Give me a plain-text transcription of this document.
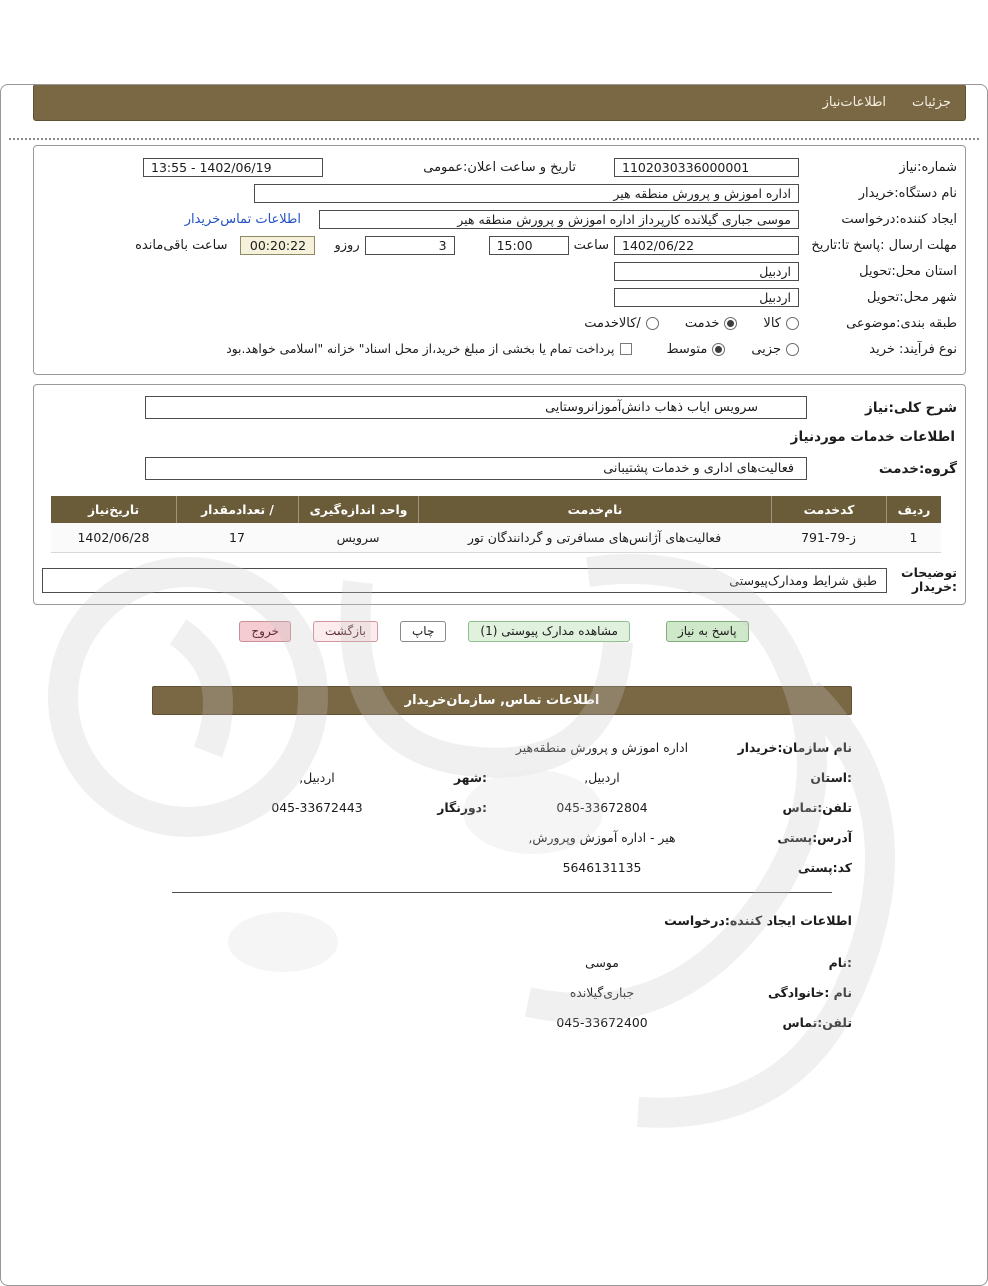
جزئیات
اطلاعات‌نیاز
شماره:نیاز
1102030336000001
تاریخ و ساعت اعلان:عمومی
13:55 - 1402/06/19
نام دستگاه:خریدار
اداره اموزش و پرورش منطقه هیر
ایجاد کننده:درخواست
موسی جباری گیلانده کارپرداز اداره اموزش و پرورش منطقه هیر
اطلاعات تماس‌خریدار
مهلت ارسال :پاسخ تا:تاریخ
1402/06/22
ساعت
15:00
3
روزو
00:20:22
ساعت باقی‌مانده
استان محل:تحویل
اردبیل
شهر محل:تحویل
اردبیل
طبقه بندی:موضوعی
کالا
خدمت
/کالاخدمت
نوع فرآیند: خرید
جزیی
متوسط
پرداخت تمام یا بخشی از مبلغ خرید،از محل اسناد" خزانه "اسلامی خواهد.بود
شرح کلی:نیاز
سرویس ایاب ذهاب دانش‌آموزانروستایی
اطلاعات خدمات موردنیاز
گروه:خدمت
فعالیت‌های اداری و خدمات پشتیبانی
ردیف
کدخدمت
نام‌خدمت
واحد اندازه‌گیری
/ تعدادمقدار
تاریخ‌نیاز
1
ز-79-791
فعالیت‌های آژانس‌های مسافرتی و گردانندگان تور
سرویس
17
1402/06/28
توضیحات
:خریدار
طبق شرایط ومدارک‌پیوستی
پاسخ به نیاز
مشاهده مدارک پیوستی (1)
چاپ
بازگشت
خروج
اطلاعات تماس, سازمان‌خریدار
نام سازمان:خریدار
اداره اموزش و پرورش منطقه‌هیر
:استان
اردبیل,
:شهر
اردبیل,
تلفن:تماس
045-33672804
:دورنگار
045-33672443
آدرس:پستی
هیر - اداره آموزش وپرورش,
کد:پستی
5646131135
اطلاعات ایجاد کننده:درخواست
:نام
موسی
نام :خانوادگی
جباری‌گیلانده
تلفن:تماس
045-33672400
